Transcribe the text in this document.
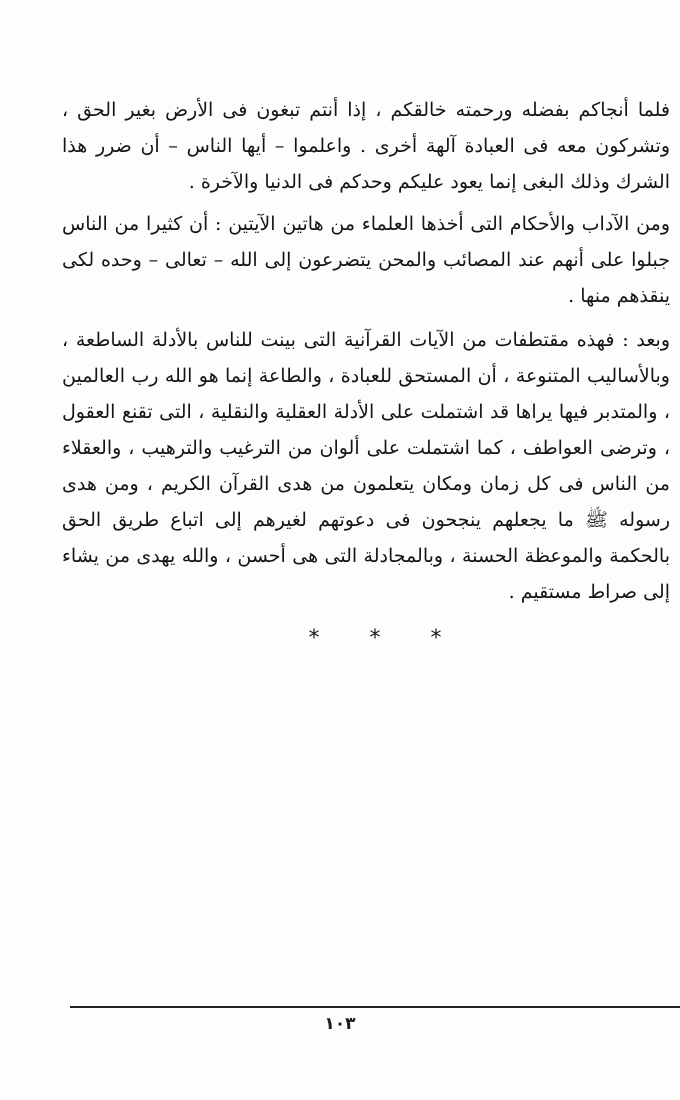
فلما أنجاكم بفضله ورحمته خالقكم ، إذا أنتم تبغون فى الأرض بغير الحق ، وتشركون معه فى العبادة آلهة أخرى . واعلموا – أيها الناس – أن ضرر هذا الشرك وذلك البغى إنما يعود عليكم وحدكم فى الدنيا والآخرة .

ومن الآداب والأحكام التى أخذها العلماء من هاتين الآيتين : أن كثيرا من الناس جبلوا على أنهم عند المصائب والمحن يتضرعون إلى الله – تعالى – وحده لكى ينقذهم منها .

وبعد : فهذه مقتطفات من الآيات القرآنية التى بينت للناس بالأدلة الساطعة ، وبالأساليب المتنوعة ، أن المستحق للعبادة ، والطاعة إنما هو الله رب العالمين ، والمتدبر فيها يراها قد اشتملت على الأدلة العقلية والنقلية ، التى تقنع العقول ، وترضى العواطف ، كما اشتملت على ألوان من الترغيب والترهيب ، والعقلاء من الناس فى كل زمان ومكان يتعلمون من هدى القرآن الكريم ، ومن هدى رسوله ﷺ ما يجعلهم ينجحون فى دعوتهم لغيرهم إلى اتباع طريق الحق بالحكمة والموعظة الحسنة ، وبالمجادلة التى هى أحسن ، والله يهدى من يشاء إلى صراط مستقيم .

*	*	*
١٠٣
